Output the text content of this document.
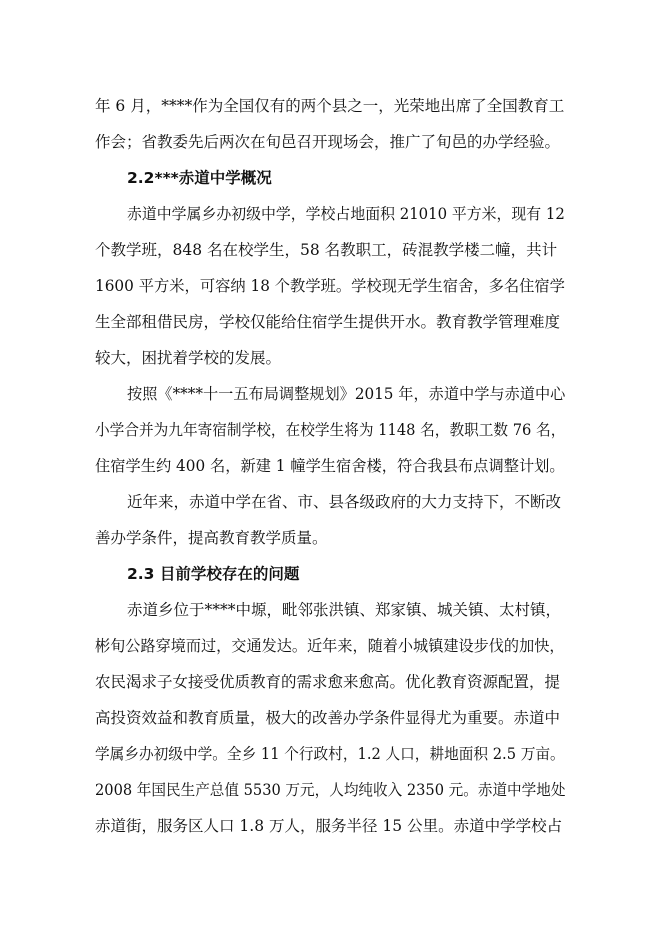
年 6 月，****作为全国仅有的两个县之一，光荣地出席了全国教育工
作会；省教委先后两次在旬邑召开现场会，推广了旬邑的办学经验。
2.2***赤道中学概况
赤道中学属乡办初级中学，学校占地面积 21010 平方米，现有 12
个教学班，848 名在校学生，58 名教职工，砖混教学楼二幢，共计
1600 平方米，可容纳 18 个教学班。学校现无学生宿舍，多名住宿学
生全部租借民房，学校仅能给住宿学生提供开水。教育教学管理难度
较大，困扰着学校的发展。
按照《****十一五布局调整规划》2015 年，赤道中学与赤道中心
小学合并为九年寄宿制学校，在校学生将为 1148 名，教职工数 76 名，
住宿学生约 400 名，新建 1 幢学生宿舍楼，符合我县布点调整计划。
近年来，赤道中学在省、市、县各级政府的大力支持下，不断改
善办学条件，提高教育教学质量。
2.3 目前学校存在的问题
赤道乡位于****中塬，毗邻张洪镇、郑家镇、城关镇、太村镇，
彬旬公路穿境而过，交通发达。近年来，随着小城镇建设步伐的加快，
农民渴求子女接受优质教育的需求愈来愈高。优化教育资源配置，提
高投资效益和教育质量，极大的改善办学条件显得尤为重要。赤道中
学属乡办初级中学。全乡 11 个行政村，1.2 人口，耕地面积 2.5 万亩。
2008 年国民生产总值 5530 万元，人均纯收入 2350 元。赤道中学地处
赤道街，服务区人口 1.8 万人，服务半径 15 公里。赤道中学学校占
